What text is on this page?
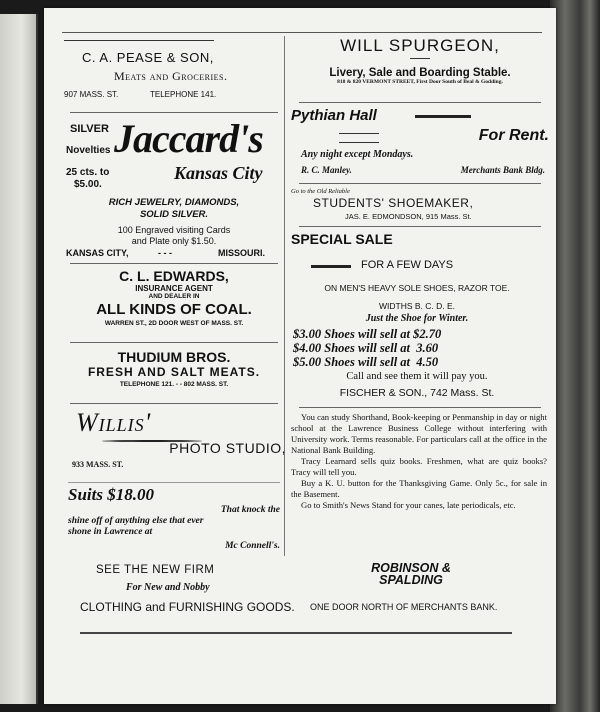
C. A. PEASE & SON,
Meats and Groceries.
907 MASS. ST.	TELEPHONE 141.
SILVER
Novelties
25 cts. to
$5.00.
Jaccard's
Kansas City
RICH JEWELRY, DIAMONDS,
SOLID SILVER.
100 Engraved visiting Cards
and Plate only $1.50.
KANSAS CITY,	- - -	MISSOURI.
C. L. EDWARDS,
INSURANCE AGENT
AND DEALER IN
ALL KINDS OF COAL.
WARREN ST., 2D DOOR WEST OF MASS. ST.
THUDIUM BROS.
FRESH AND SALT MEATS.
TELEPHONE 121. - - 802 MASS. ST.
Willis'
PHOTO STUDIO,
933 MASS. ST.
Suits $18.00
That knock the
shine off of anything else that ever
shone in Lawrence at
Mc Connell's.
WILL SPURGEON,
Livery, Sale and Boarding Stable.
818 & 820 VERMONT STREET, First Door South of Beal & Godding.
Pythian Hall
For Rent.
Any night except Mondays.
R. C. Manley.	Merchants Bank Bldg.
Go to the Old Reliable
STUDENTS' SHOEMAKER,
JAS. E. EDMONDSON, 915 Mass. St.
SPECIAL SALE
FOR A FEW DAYS
ON MEN'S HEAVY SOLE SHOES, RAZOR TOE.
WIDTHS B. C. D. E.
Just the Shoe for Winter.
$3.00 Shoes will sell at $2.70
$4.00 Shoes will sell at  3.60
$5.00 Shoes will sell at  4.50
Call and see them it will pay you.
FISCHER & SON., 742 Mass. St.

You can study Shorthand, Book-keeping or Penmanship in day or night school at the Lawrence Business College without interfering with University work. Terms reasonable. For particulars call at the office in the National Bank Building.

Tracy Learnard sells quiz books. Freshmen, what are quiz books? Tracy will tell you.

Buy a K. U. button for the Thanksgiving Game. Only 5c., for sale in the Basement.

Go to Smith's News Stand for your canes, late periodicals, etc.

SEE THE NEW FIRM
For New and Nobby
CLOTHING and FURNISHING GOODS.
ROBINSON & SPALDING
ONE DOOR NORTH OF MERCHANTS BANK.
